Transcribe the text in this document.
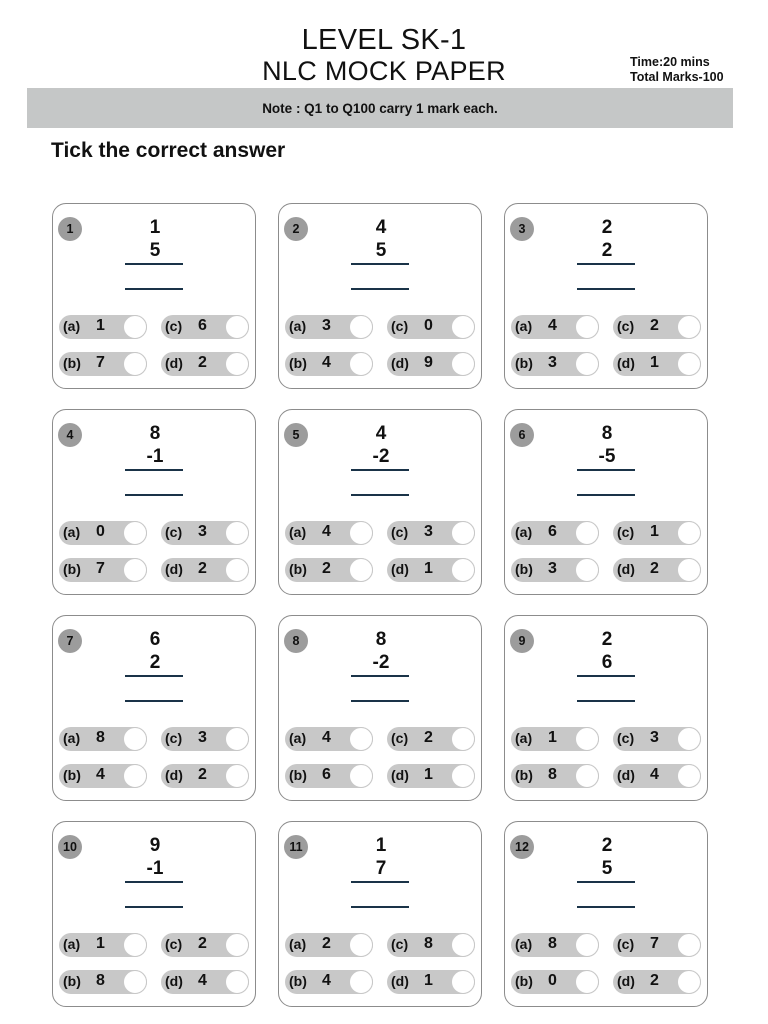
LEVEL SK-1
NLC MOCK PAPER	Time:20 mins
Total Marks-100
Note : Q1 to Q100 carry 1 mark each.
Tick the correct answer
1	1
5
(a) 1	(c) 6
(b) 7	(d) 2
2	4
5
(a) 3	(c) 0
(b) 4	(d) 9
3	2
2
(a) 4	(c) 2
(b) 3	(d) 1
4	8
-1
(a) 0	(c) 3
(b) 7	(d) 2
5	4
-2
(a) 4	(c) 3
(b) 2	(d) 1
6	8
-5
(a) 6	(c) 1
(b) 3	(d) 2
7	6
2
(a) 8	(c) 3
(b) 4	(d) 2
8	8
-2
(a) 4	(c) 2
(b) 6	(d) 1
9	2
6
(a) 1	(c) 3
(b) 8	(d) 4
10	9
-1
(a) 1	(c) 2
(b) 8	(d) 4
11	1
7
(a) 2	(c) 8
(b) 4	(d) 1
12	2
5
(a) 8	(c) 7
(b) 0	(d) 2
